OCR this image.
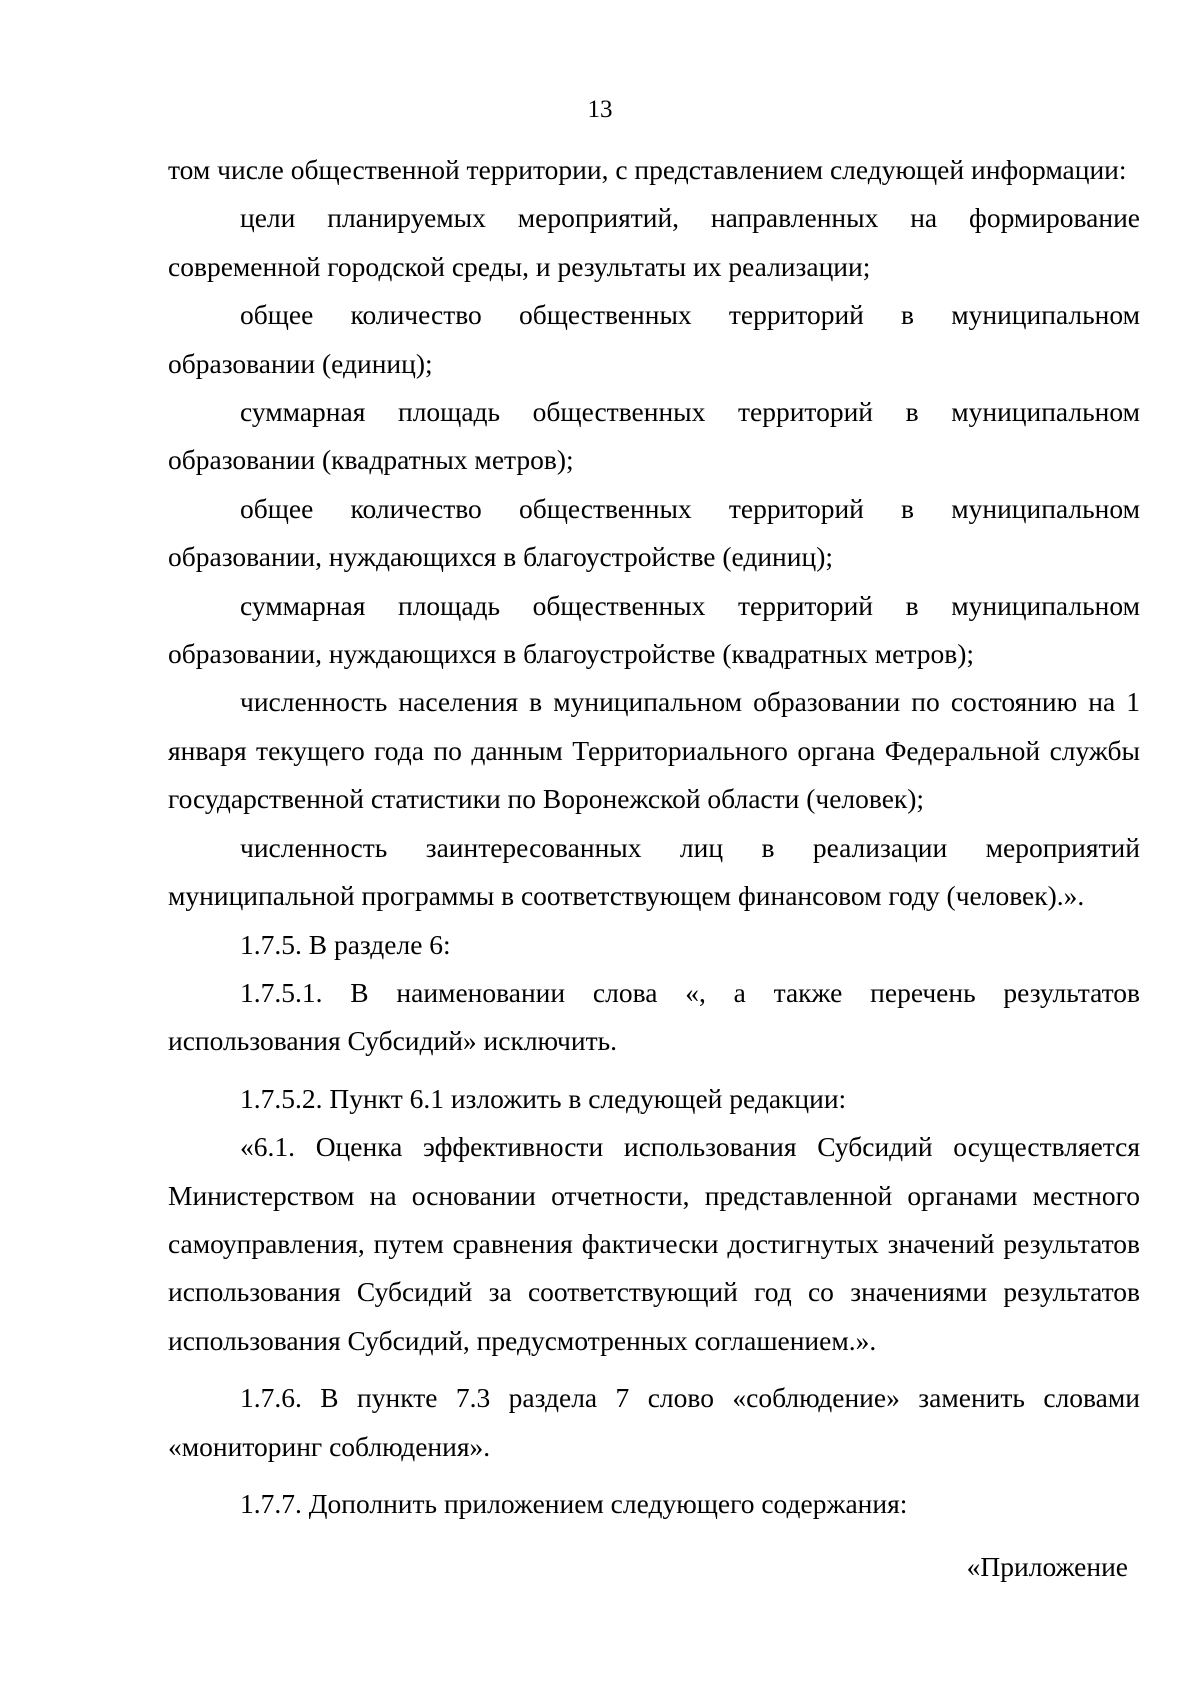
13

том числе общественной территории, с представлением следующей информации:

цели планируемых мероприятий, направленных на формирование современной городской среды, и результаты их реализации;

общее количество общественных территорий в муниципальном образовании (единиц);

суммарная площадь общественных территорий в муниципальном образовании (квадратных метров);

общее количество общественных территорий в муниципальном образовании, нуждающихся в благоустройстве (единиц);

суммарная площадь общественных территорий в муниципальном образовании, нуждающихся в благоустройстве (квадратных метров);

численность населения в муниципальном образовании по состоянию на 1 января текущего года по данным Территориального органа Федеральной службы государственной статистики по Воронежской области (человек);

численность заинтересованных лиц в реализации мероприятий муниципальной программы в соответствующем финансовом году (человек).».

1.7.5. В разделе 6:

1.7.5.1. В наименовании слова «, а также перечень результатов использования Субсидий» исключить.

1.7.5.2. Пункт 6.1 изложить в следующей редакции:

«6.1. Оценка эффективности использования Субсидий осуществляется Министерством на основании отчетности, представленной органами местного самоуправления, путем сравнения фактически достигнутых значений результатов использования Субсидий за соответствующий год со значениями результатов использования Субсидий, предусмотренных соглашением.».

1.7.6. В пункте 7.3 раздела 7 слово «соблюдение» заменить словами «мониторинг соблюдения».

1.7.7. Дополнить приложением следующего содержания:

«Приложение
